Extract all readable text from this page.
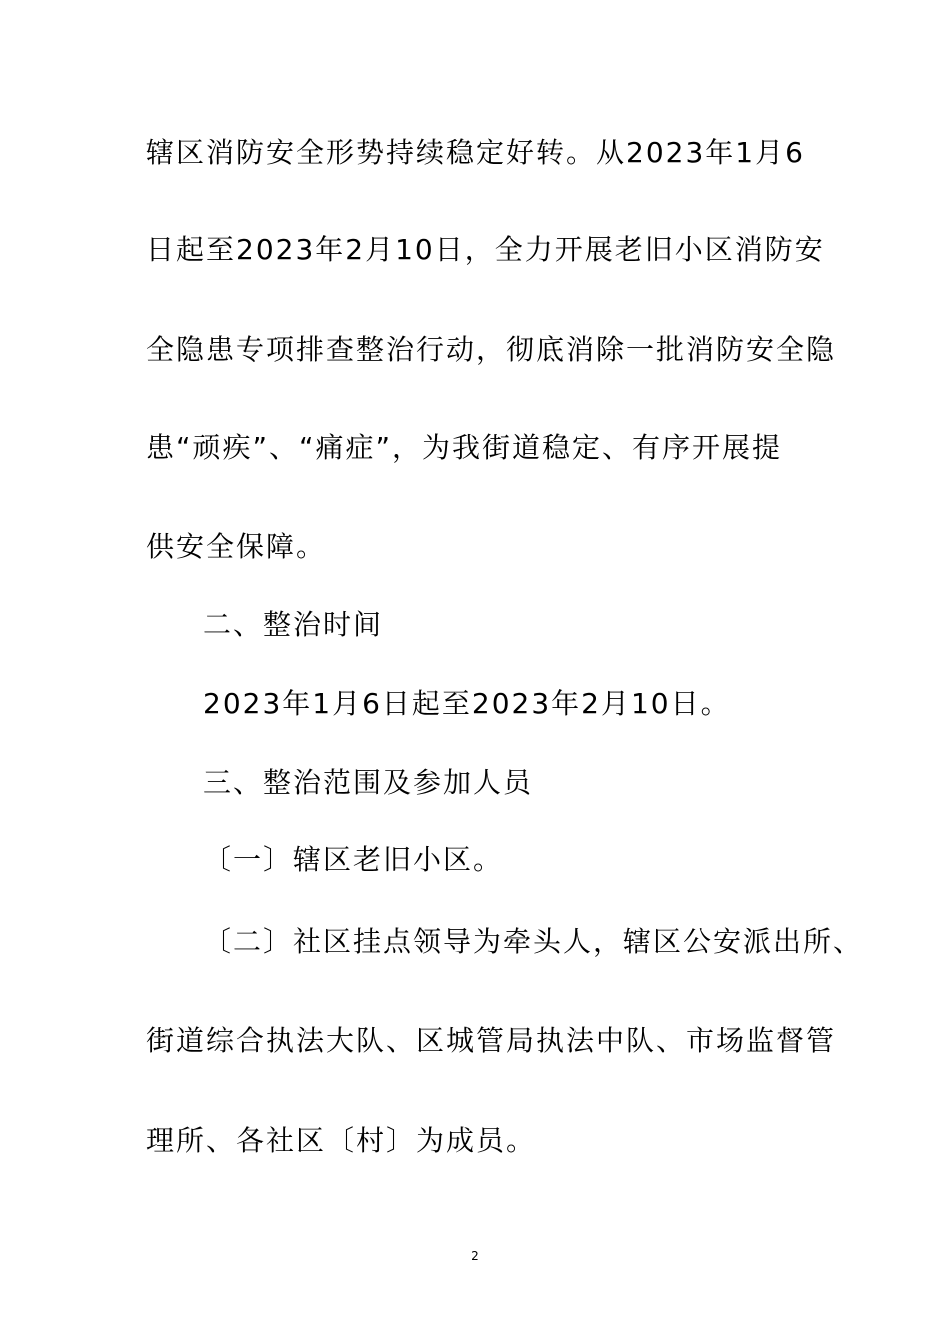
辖区消防安全形势持续稳定好转。从2023年1月6
日起至2023年2月10日，全力开展老旧小区消防安
全隐患专项排查整治行动，彻底消除一批消防安全隐
患“顽疾”、“痛症”，为我街道稳定、有序开展提
供安全保障。
二、整治时间
2023年1月6日起至2023年2月10日。
三、整治范围及参加人员
〔一〕辖区老旧小区。
〔二〕社区挂点领导为牵头人，辖区公安派出所、
街道综合执法大队、区城管局执法中队、市场监督管
理所、各社区〔村〕为成员。
2
